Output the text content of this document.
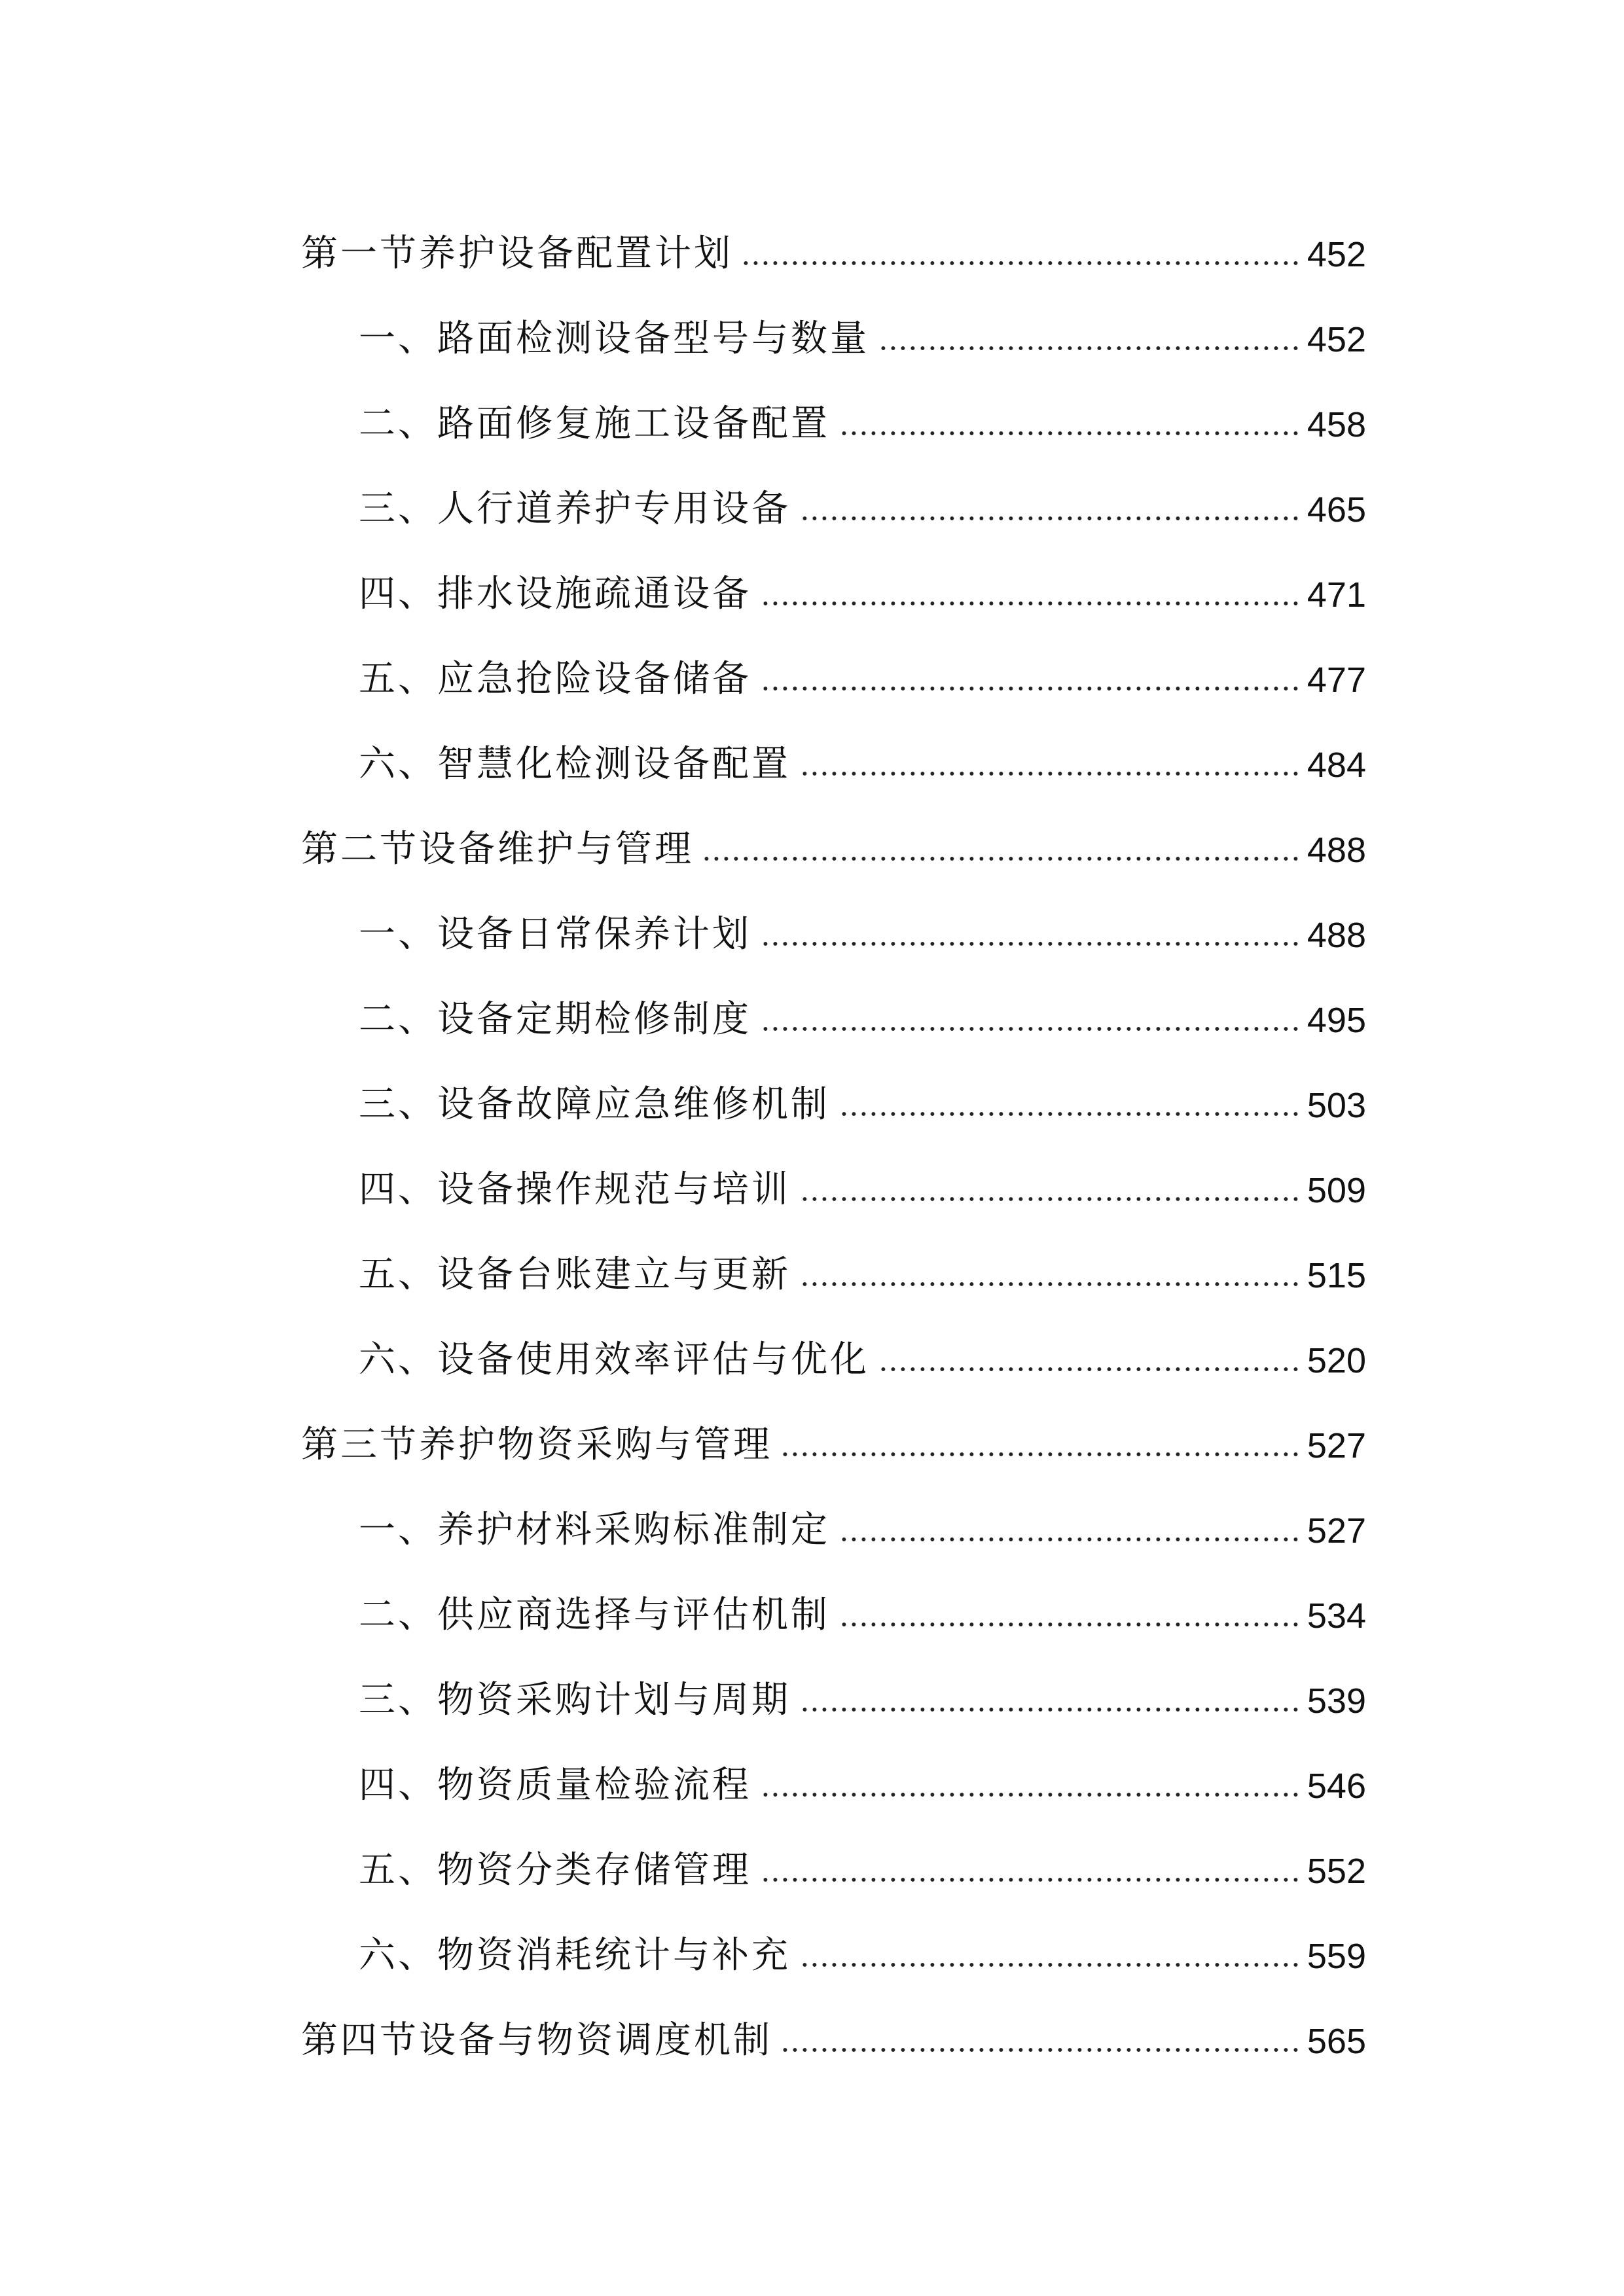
第一节养护设备配置计划	452
一、路面检测设备型号与数量	452
二、路面修复施工设备配置	458
三、人行道养护专用设备	465
四、排水设施疏通设备	471
五、应急抢险设备储备	477
六、智慧化检测设备配置	484
第二节设备维护与管理	488
一、设备日常保养计划	488
二、设备定期检修制度	495
三、设备故障应急维修机制	503
四、设备操作规范与培训	509
五、设备台账建立与更新	515
六、设备使用效率评估与优化	520
第三节养护物资采购与管理	527
一、养护材料采购标准制定	527
二、供应商选择与评估机制	534
三、物资采购计划与周期	539
四、物资质量检验流程	546
五、物资分类存储管理	552
六、物资消耗统计与补充	559
第四节设备与物资调度机制	565
